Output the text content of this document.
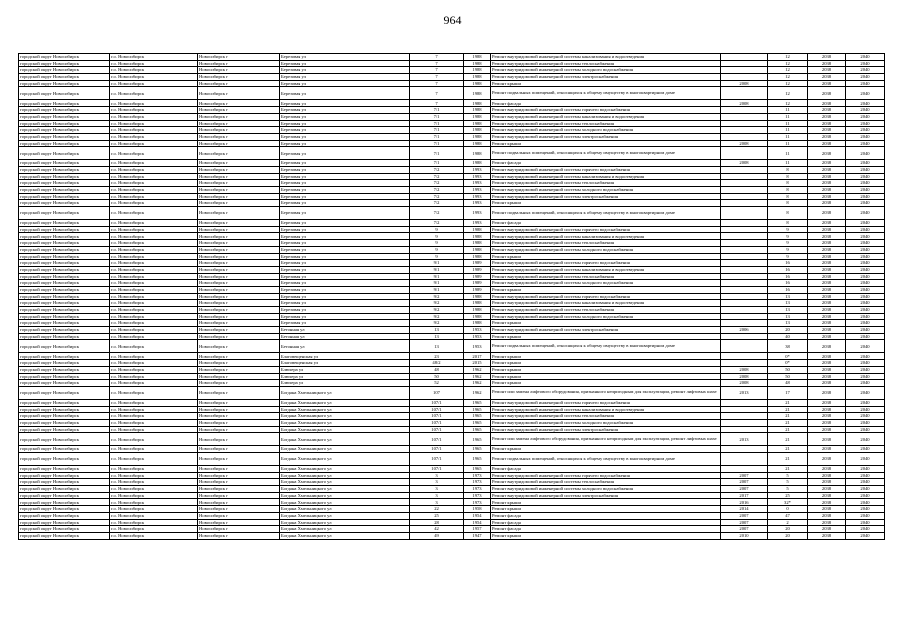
964
городской округ Новосибирск	г.о. Новосибирск	Новосибирск г	Березовая ул	7	1988	Ремонт внутридомовой инженерной системы канализования и водоотведения		12	2038	2040
городской округ Новосибирск	г.о. Новосибирск	Новосибирск г	Березовая ул	7	1988	Ремонт внутридомовой инженерной системы теплоснабжения		12	2038	2040
городской округ Новосибирск	г.о. Новосибирск	Новосибирск г	Березовая ул	7	1988	Ремонт внутридомовой инженерной системы холодного водоснабжения		12	2038	2040
городской округ Новосибирск	г.о. Новосибирск	Новосибирск г	Березовая ул	7	1988	Ремонт внутридомовой инженерной системы электроснабжения		12	2038	2040
городской округ Новосибирск	г.о. Новосибирск	Новосибирск г	Березовая ул	7	1988	Ремонт крыши	2008	12	2038	2040
городской округ Новосибирск	г.о. Новосибирск	Новосибирск г	Березовая ул	7	1988	Ремонт подвальных помещений, относящихся к общему имуществу в многоквартирном доме		12	2038	2040
городской округ Новосибирск	г.о. Новосибирск	Новосибирск г	Березовая ул	7	1988	Ремонт фасада	2008	12	2038	2040
городской округ Новосибирск	г.о. Новосибирск	Новосибирск г	Березовая ул	7/1	1988	Ремонт внутридомовой инженерной системы горячего водоснабжения		11	2038	2040
городской округ Новосибирск	г.о. Новосибирск	Новосибирск г	Березовая ул	7/1	1988	Ремонт внутридомовой инженерной системы канализования и водоотведения		11	2038	2040
городской округ Новосибирск	г.о. Новосибирск	Новосибирск г	Березовая ул	7/1	1988	Ремонт внутридомовой инженерной системы теплоснабжения		11	2038	2040
городской округ Новосибирск	г.о. Новосибирск	Новосибирск г	Березовая ул	7/1	1988	Ремонт внутридомовой инженерной системы холодного водоснабжения		11	2038	2040
городской округ Новосибирск	г.о. Новосибирск	Новосибирск г	Березовая ул	7/1	1988	Ремонт внутридомовой инженерной системы электроснабжения		11	2038	2040
городской округ Новосибирск	г.о. Новосибирск	Новосибирск г	Березовая ул	7/1	1988	Ремонт крыши	2008	11	2038	2040
городской округ Новосибирск	г.о. Новосибирск	Новосибирск г	Березовая ул	7/1	1988	Ремонт подвальных помещений, относящихся к общему имуществу в многоквартирном доме		11	2038	2040
городской округ Новосибирск	г.о. Новосибирск	Новосибирск г	Березовая ул	7/1	1988	Ремонт фасада	2008	11	2038	2040
городской округ Новосибирск	г.о. Новосибирск	Новосибирск г	Березовая ул	7/2	1993	Ремонт внутридомовой инженерной системы горячего водоснабжения		8	2038	2040
городской округ Новосибирск	г.о. Новосибирск	Новосибирск г	Березовая ул	7/2	1993	Ремонт внутридомовой инженерной системы канализования и водоотведения		8	2038	2040
городской округ Новосибирск	г.о. Новосибирск	Новосибирск г	Березовая ул	7/2	1993	Ремонт внутридомовой инженерной системы теплоснабжения		8	2038	2040
городской округ Новосибирск	г.о. Новосибирск	Новосибирск г	Березовая ул	7/2	1993	Ремонт внутридомовой инженерной системы холодного водоснабжения		8	2038	2040
городской округ Новосибирск	г.о. Новосибирск	Новосибирск г	Березовая ул	7/2	1993	Ремонт внутридомовой инженерной системы электроснабжения		8	2038	2040
городской округ Новосибирск	г.о. Новосибирск	Новосибирск г	Березовая ул	7/2	1993	Ремонт крыши		8	2038	2040
городской округ Новосибирск	г.о. Новосибирск	Новосибирск г	Березовая ул	7/2	1993	Ремонт подвальных помещений, относящихся к общему имуществу в многоквартирном доме		8	2038	2040
городской округ Новосибирск	г.о. Новосибирск	Новосибирск г	Березовая ул	7/2	1993	Ремонт фасада		8	2038	2040
городской округ Новосибирск	г.о. Новосибирск	Новосибирск г	Березовая ул	9	1988	Ремонт внутридомовой инженерной системы горячего водоснабжения		9	2038	2040
городской округ Новосибирск	г.о. Новосибирск	Новосибирск г	Березовая ул	9	1988	Ремонт внутридомовой инженерной системы канализования и водоотведения		9	2038	2040
городской округ Новосибирск	г.о. Новосибирск	Новосибирск г	Березовая ул	9	1988	Ремонт внутридомовой инженерной системы теплоснабжения		9	2038	2040
городской округ Новосибирск	г.о. Новосибирск	Новосибирск г	Березовая ул	9	1988	Ремонт внутридомовой инженерной системы холодного водоснабжения		9	2038	2040
городской округ Новосибирск	г.о. Новосибирск	Новосибирск г	Березовая ул	9	1988	Ремонт крыши		9	2038	2040
городской округ Новосибирск	г.о. Новосибирск	Новосибирск г	Березовая ул	9/1	1989	Ремонт внутридомовой инженерной системы горячего водоснабжения		16	2038	2040
городской округ Новосибирск	г.о. Новосибирск	Новосибирск г	Березовая ул	9/1	1989	Ремонт внутридомовой инженерной системы канализования и водоотведения		16	2038	2040
городской округ Новосибирск	г.о. Новосибирск	Новосибирск г	Березовая ул	9/1	1989	Ремонт внутридомовой инженерной системы теплоснабжения		16	2038	2040
городской округ Новосибирск	г.о. Новосибирск	Новосибирск г	Березовая ул	9/1	1989	Ремонт внутридомовой инженерной системы холодного водоснабжения		16	2038	2040
городской округ Новосибирск	г.о. Новосибирск	Новосибирск г	Березовая ул	9/1	1989	Ремонт крыши		16	2038	2040
городской округ Новосибирск	г.о. Новосибирск	Новосибирск г	Березовая ул	9/2	1988	Ремонт внутридомовой инженерной системы горячего водоснабжения		13	2038	2040
городской округ Новосибирск	г.о. Новосибирск	Новосибирск г	Березовая ул	9/2	1988	Ремонт внутридомовой инженерной системы канализования и водоотведения		13	2038	2040
городской округ Новосибирск	г.о. Новосибирск	Новосибирск г	Березовая ул	9/2	1988	Ремонт внутридомовой инженерной системы теплоснабжения		13	2038	2040
городской округ Новосибирск	г.о. Новосибирск	Новосибирск г	Березовая ул	9/2	1988	Ремонт внутридомовой инженерной системы холодного водоснабжения		13	2038	2040
городской округ Новосибирск	г.о. Новосибирск	Новосибирск г	Березовая ул	9/2	1988	Ремонт крыши		13	2038	2040
городской округ Новосибирск	г.о. Новосибирск	Новосибирск г	Бетонная ул	13	1953	Ремонт внутридомовой инженерной системы электроснабжения	2006	20	2038	2040
городской округ Новосибирск	г.о. Новосибирск	Новосибирск г	Бетонная ул	13	1953	Ремонт крыши		40	2038	2040
городской округ Новосибирск	г.о. Новосибирск	Новосибирск г	Бетонная ул	13	1953	Ремонт подвальных помещений, относящихся к общему имуществу в многоквартирном доме		38	2038	2040
городской округ Новосибирск	г.о. Новосибирск	Новосибирск г	Благовещенская ул	23	2017	Ремонт крыши		0*	2038	2040
городской округ Новосибирск	г.о. Новосибирск	Новосибирск г	Благовещенская ул	48/2	2015	Ремонт крыши		0*	2038	2040
городской округ Новосибирск	г.о. Новосибирск	Новосибирск г	Блюхера ул	48	1962	Ремонт крыши	2008	50	2038	2040
городской округ Новосибирск	г.о. Новосибирск	Новосибирск г	Блюхера ул	50	1962	Ремонт крыши	2008	50	2038	2040
городской округ Новосибирск	г.о. Новосибирск	Новосибирск г	Блюхера ул	52	1962	Ремонт крыши	2008	48	2038	2040
городской округ Новосибирск	г.о. Новосибирск	Новосибирск г	Богдана Хмельницкого ул	107	1962	Ремонт или замена лифтового оборудования, признанного непригодным для эксплуатации, ремонт лифтовых шахт	2013	17	2038	2040
городской округ Новосибирск	г.о. Новосибирск	Новосибирск г	Богдана Хмельницкого ул	107/1	1965	Ремонт внутридомовой инженерной системы горячего водоснабжения		21	2038	2040
городской округ Новосибирск	г.о. Новосибирск	Новосибирск г	Богдана Хмельницкого ул	107/1	1965	Ремонт внутридомовой инженерной системы канализования и водоотведения		21	2038	2040
городской округ Новосибирск	г.о. Новосибирск	Новосибирск г	Богдана Хмельницкого ул	107/1	1965	Ремонт внутридомовой инженерной системы теплоснабжения		21	2038	2040
городской округ Новосибирск	г.о. Новосибирск	Новосибирск г	Богдана Хмельницкого ул	107/1	1965	Ремонт внутридомовой инженерной системы холодного водоснабжения		21	2038	2040
городской округ Новосибирск	г.о. Новосибирск	Новосибирск г	Богдана Хмельницкого ул	107/1	1965	Ремонт внутридомовой инженерной системы электроснабжения		21	2038	2040
городской округ Новосибирск	г.о. Новосибирск	Новосибирск г	Богдана Хмельницкого ул	107/1	1965	Ремонт или замена лифтового оборудования, признанного непригодным для эксплуатации, ремонт лифтовых шахт	2013	21	2038	2040
городской округ Новосибирск	г.о. Новосибирск	Новосибирск г	Богдана Хмельницкого ул	107/1	1965	Ремонт крыши		21	2038	2040
городской округ Новосибирск	г.о. Новосибирск	Новосибирск г	Богдана Хмельницкого ул	107/1	1965	Ремонт подвальных помещений, относящихся к общему имуществу в многоквартирном доме		21	2038	2040
городской округ Новосибирск	г.о. Новосибирск	Новосибирск г	Богдана Хмельницкого ул	107/1	1965	Ремонт фасада		21	2038	2040
городской округ Новосибирск	г.о. Новосибирск	Новосибирск г	Богдана Хмельницкого ул	3	1973	Ремонт внутридомовой инженерной системы горячего водоснабжения	2007	5	2038	2040
городской округ Новосибирск	г.о. Новосибирск	Новосибирск г	Богдана Хмельницкого ул	3	1973	Ремонт внутридомовой инженерной системы теплоснабжения	2007	5	2038	2040
городской округ Новосибирск	г.о. Новосибирск	Новосибирск г	Богдана Хмельницкого ул	3	1973	Ремонт внутридомовой инженерной системы холодного водоснабжения	2007	5	2038	2040
городской округ Новосибирск	г.о. Новосибирск	Новосибирск г	Богдана Хмельницкого ул	3	1973	Ремонт внутридомовой инженерной системы электроснабжения	2017	25	2038	2040
городской округ Новосибирск	г.о. Новосибирск	Новосибирск г	Богдана Хмельницкого ул	3	1973	Ремонт крыши	2016	32*	2038	2040
городской округ Новосибирск	г.о. Новосибирск	Новосибирск г	Богдана Хмельницкого ул	22	1958	Ремонт крыши	2014	0	2038	2040
городской округ Новосибирск	г.о. Новосибирск	Новосибирск г	Богдана Хмельницкого ул	25	1954	Ремонт фасада	2007	47	2038	2040
городской округ Новосибирск	г.о. Новосибирск	Новосибирск г	Богдана Хмельницкого ул	28	1954	Ремонт фасада	2007	2	2038	2040
городской округ Новосибирск	г.о. Новосибирск	Новосибирск г	Богдана Хмельницкого ул	42	1957	Ремонт фасада	2007	20	2038	2040
городской округ Новосибирск	г.о. Новосибирск	Новосибирск г	Богдана Хмельницкого ул	49	1947	Ремонт крыши	2010	20	2038	2040
